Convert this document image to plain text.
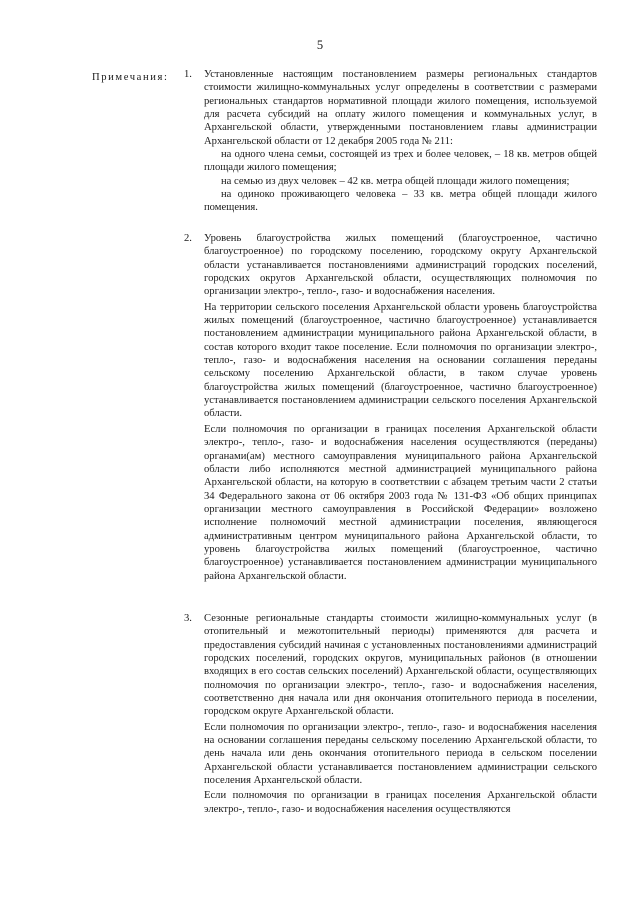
5
Примечания: 1. Установленные настоящим постановлением размеры региональных стандартов стоимости жилищно-коммунальных услуг определены в соответствии с размерами региональных стандартов нормативной площади жилого помещения, используемой для расчета субсидий на оплату жилого помещения и коммунальных услуг, в Архангельской области, утвержденными постановлением главы администрации Архангельской области от 12 декабря 2005 года № 211:

на одного члена семьи, состоящей из трех и более человек, – 18 кв. метров общей площади жилого помещения;

на семью из двух человек – 42 кв. метра общей площади жилого помещения;

на одиноко проживающего человека – 33 кв. метра общей площади жилого помещения.

2. Уровень благоустройства жилых помещений (благоустроенное, частично благоустроенное) по городскому поселению, городскому округу Архангельской области устанавливается постановлениями администраций городских поселений, городских округов Архангельской области, осуществляющих полномочия по организации электро-, тепло-, газо- и водоснабжения населения.

На территории сельского поселения Архангельской области уровень благоустройства жилых помещений (благоустроенное, частично благоустроенное) устанавливается постановлением администрации муниципального района Архангельской области, в состав которого входит такое поселение. Если полномочия по организации электро-, тепло-, газо- и водоснабжения населения на основании соглашения переданы сельскому поселению Архангельской области, в таком случае уровень благоустройства жилых помещений (благоустроенное, частично благоустроенное) устанавливается постановлением администрации сельского поселения Архангельской области.

Если полномочия по организации в границах поселения Архангельской области электро-, тепло-, газо- и водоснабжения населения осуществляются (переданы) органами(ам) местного самоуправления муниципального района Архангельской области либо исполняются местной администрацией муниципального района Архангельской области, на которую в соответствии с абзацем третьим части 2 статьи 34 Федерального закона от 06 октября 2003 года № 131-ФЗ «Об общих принципах организации местного самоуправления в Российской Федерации» возложено исполнение полномочий местной администрации поселения, являющегося административным центром муниципального района Архангельской области, то уровень благоустройства жилых помещений (благоустроенное, частично благоустроенное) устанавливается постановлением администрации муниципального района Архангельской области.

3. Сезонные региональные стандарты стоимости жилищно-коммунальных услуг (в отопительный и межотопительный периоды) применяются для расчета и предоставления субсидий начиная с установленных постановлениями администраций городских поселений, городских округов, муниципальных районов (в отношении входящих в его состав сельских поселений) Архангельской области, осуществляющих полномочия по организации электро-, тепло-, газо- и водоснабжения населения, соответственно дня начала или дня окончания отопительного периода в поселении, городском округе Архангельской области.

Если полномочия по организации электро-, тепло-, газо- и водоснабжения населения на основании соглашения переданы сельскому поселению Архангельской области, то день начала или день окончания отопительного периода в сельском поселении Архангельской области устанавливается постановлением администрации сельского поселения Архангельской области.

Если полномочия по организации в границах поселения Архангельской области электро-, тепло-, газо- и водоснабжения населения осуществляются
